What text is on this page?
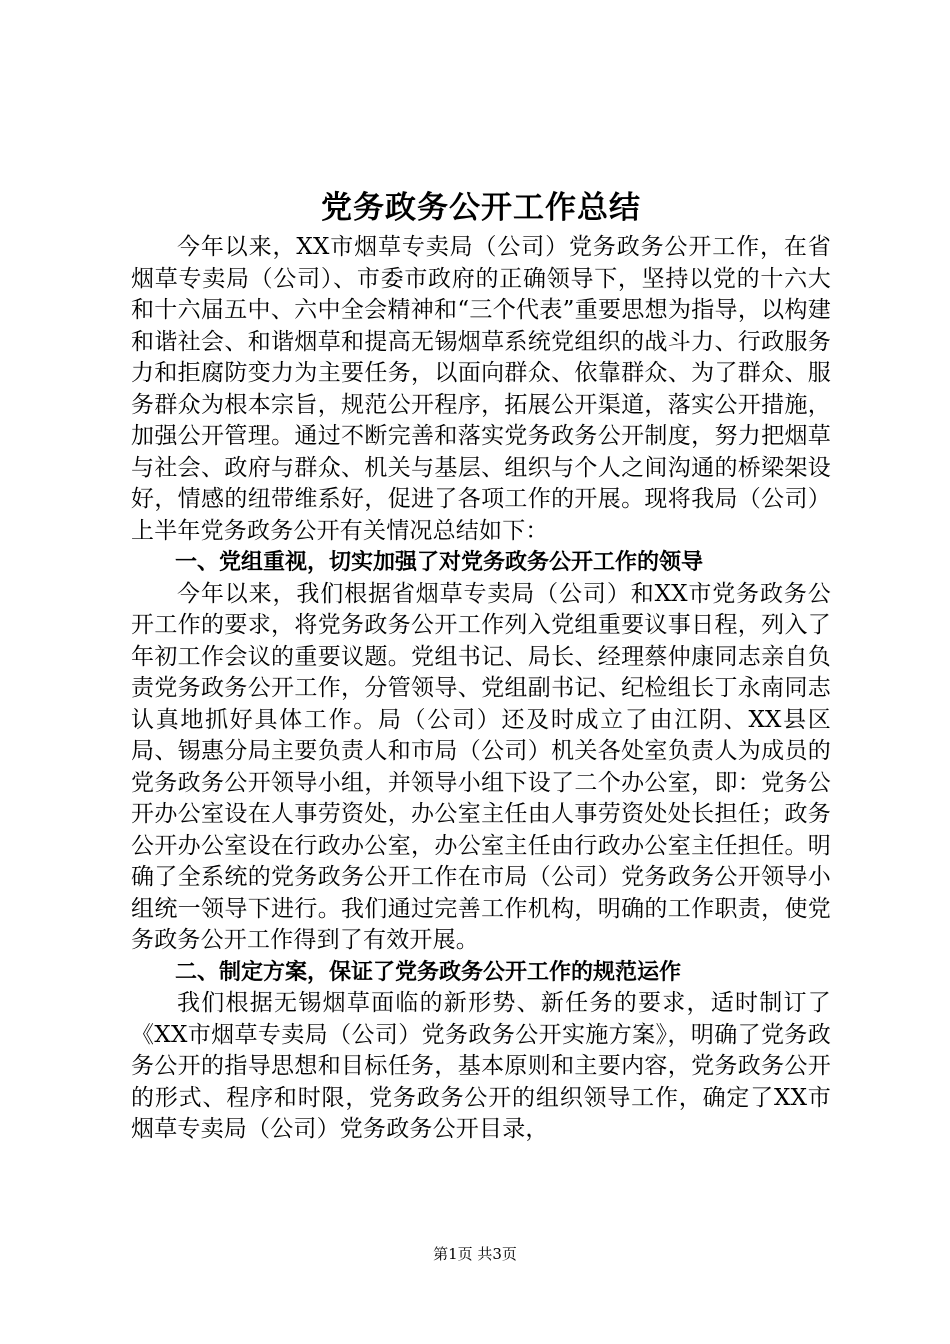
党务政务公开工作总结

今年以来，XX市烟草专卖局（公司）党务政务公开工作，在省烟草专卖局（公司）、市委市政府的正确领导下，坚持以党的十六大和十六届五中、六中全会精神和“三个代表”重要思想为指导，以构建和谐社会、和谐烟草和提高无锡烟草系统党组织的战斗力、行政服务力和拒腐防变力为主要任务，以面向群众、依靠群众、为了群众、服务群众为根本宗旨，规范公开程序，拓展公开渠道，落实公开措施，加强公开管理。通过不断完善和落实党务政务公开制度，努力把烟草与社会、政府与群众、机关与基层、组织与个人之间沟通的桥梁架设好，情感的纽带维系好，促进了各项工作的开展。现将我局（公司）上半年党务政务公开有关情况总结如下：

一、党组重视，切实加强了对党务政务公开工作的领导

今年以来，我们根据省烟草专卖局（公司）和XX市党务政务公开工作的要求，将党务政务公开工作列入党组重要议事日程，列入了年初工作会议的重要议题。党组书记、局长、经理蔡仲康同志亲自负责党务政务公开工作，分管领导、党组副书记、纪检组长丁永南同志认真地抓好具体工作。局（公司）还及时成立了由江阴、XX县区局、锡惠分局主要负责人和市局（公司）机关各处室负责人为成员的党务政务公开领导小组，并领导小组下设了二个办公室，即：党务公开办公室设在人事劳资处，办公室主任由人事劳资处处长担任；政务公开办公室设在行政办公室，办公室主任由行政办公室主任担任。明确了全系统的党务政务公开工作在市局（公司）党务政务公开领导小组统一领导下进行。我们通过完善工作机构，明确的工作职责，使党务政务公开工作得到了有效开展。

二、制定方案，保证了党务政务公开工作的规范运作

我们根据无锡烟草面临的新形势、新任务的要求，适时制订了《XX市烟草专卖局（公司）党务政务公开实施方案》，明确了党务政务公开的指导思想和目标任务，基本原则和主要内容，党务政务公开的形式、程序和时限，党务政务公开的组织领导工作，确定了XX市烟草专卖局（公司）党务政务公开目录，

第1页 共3页
